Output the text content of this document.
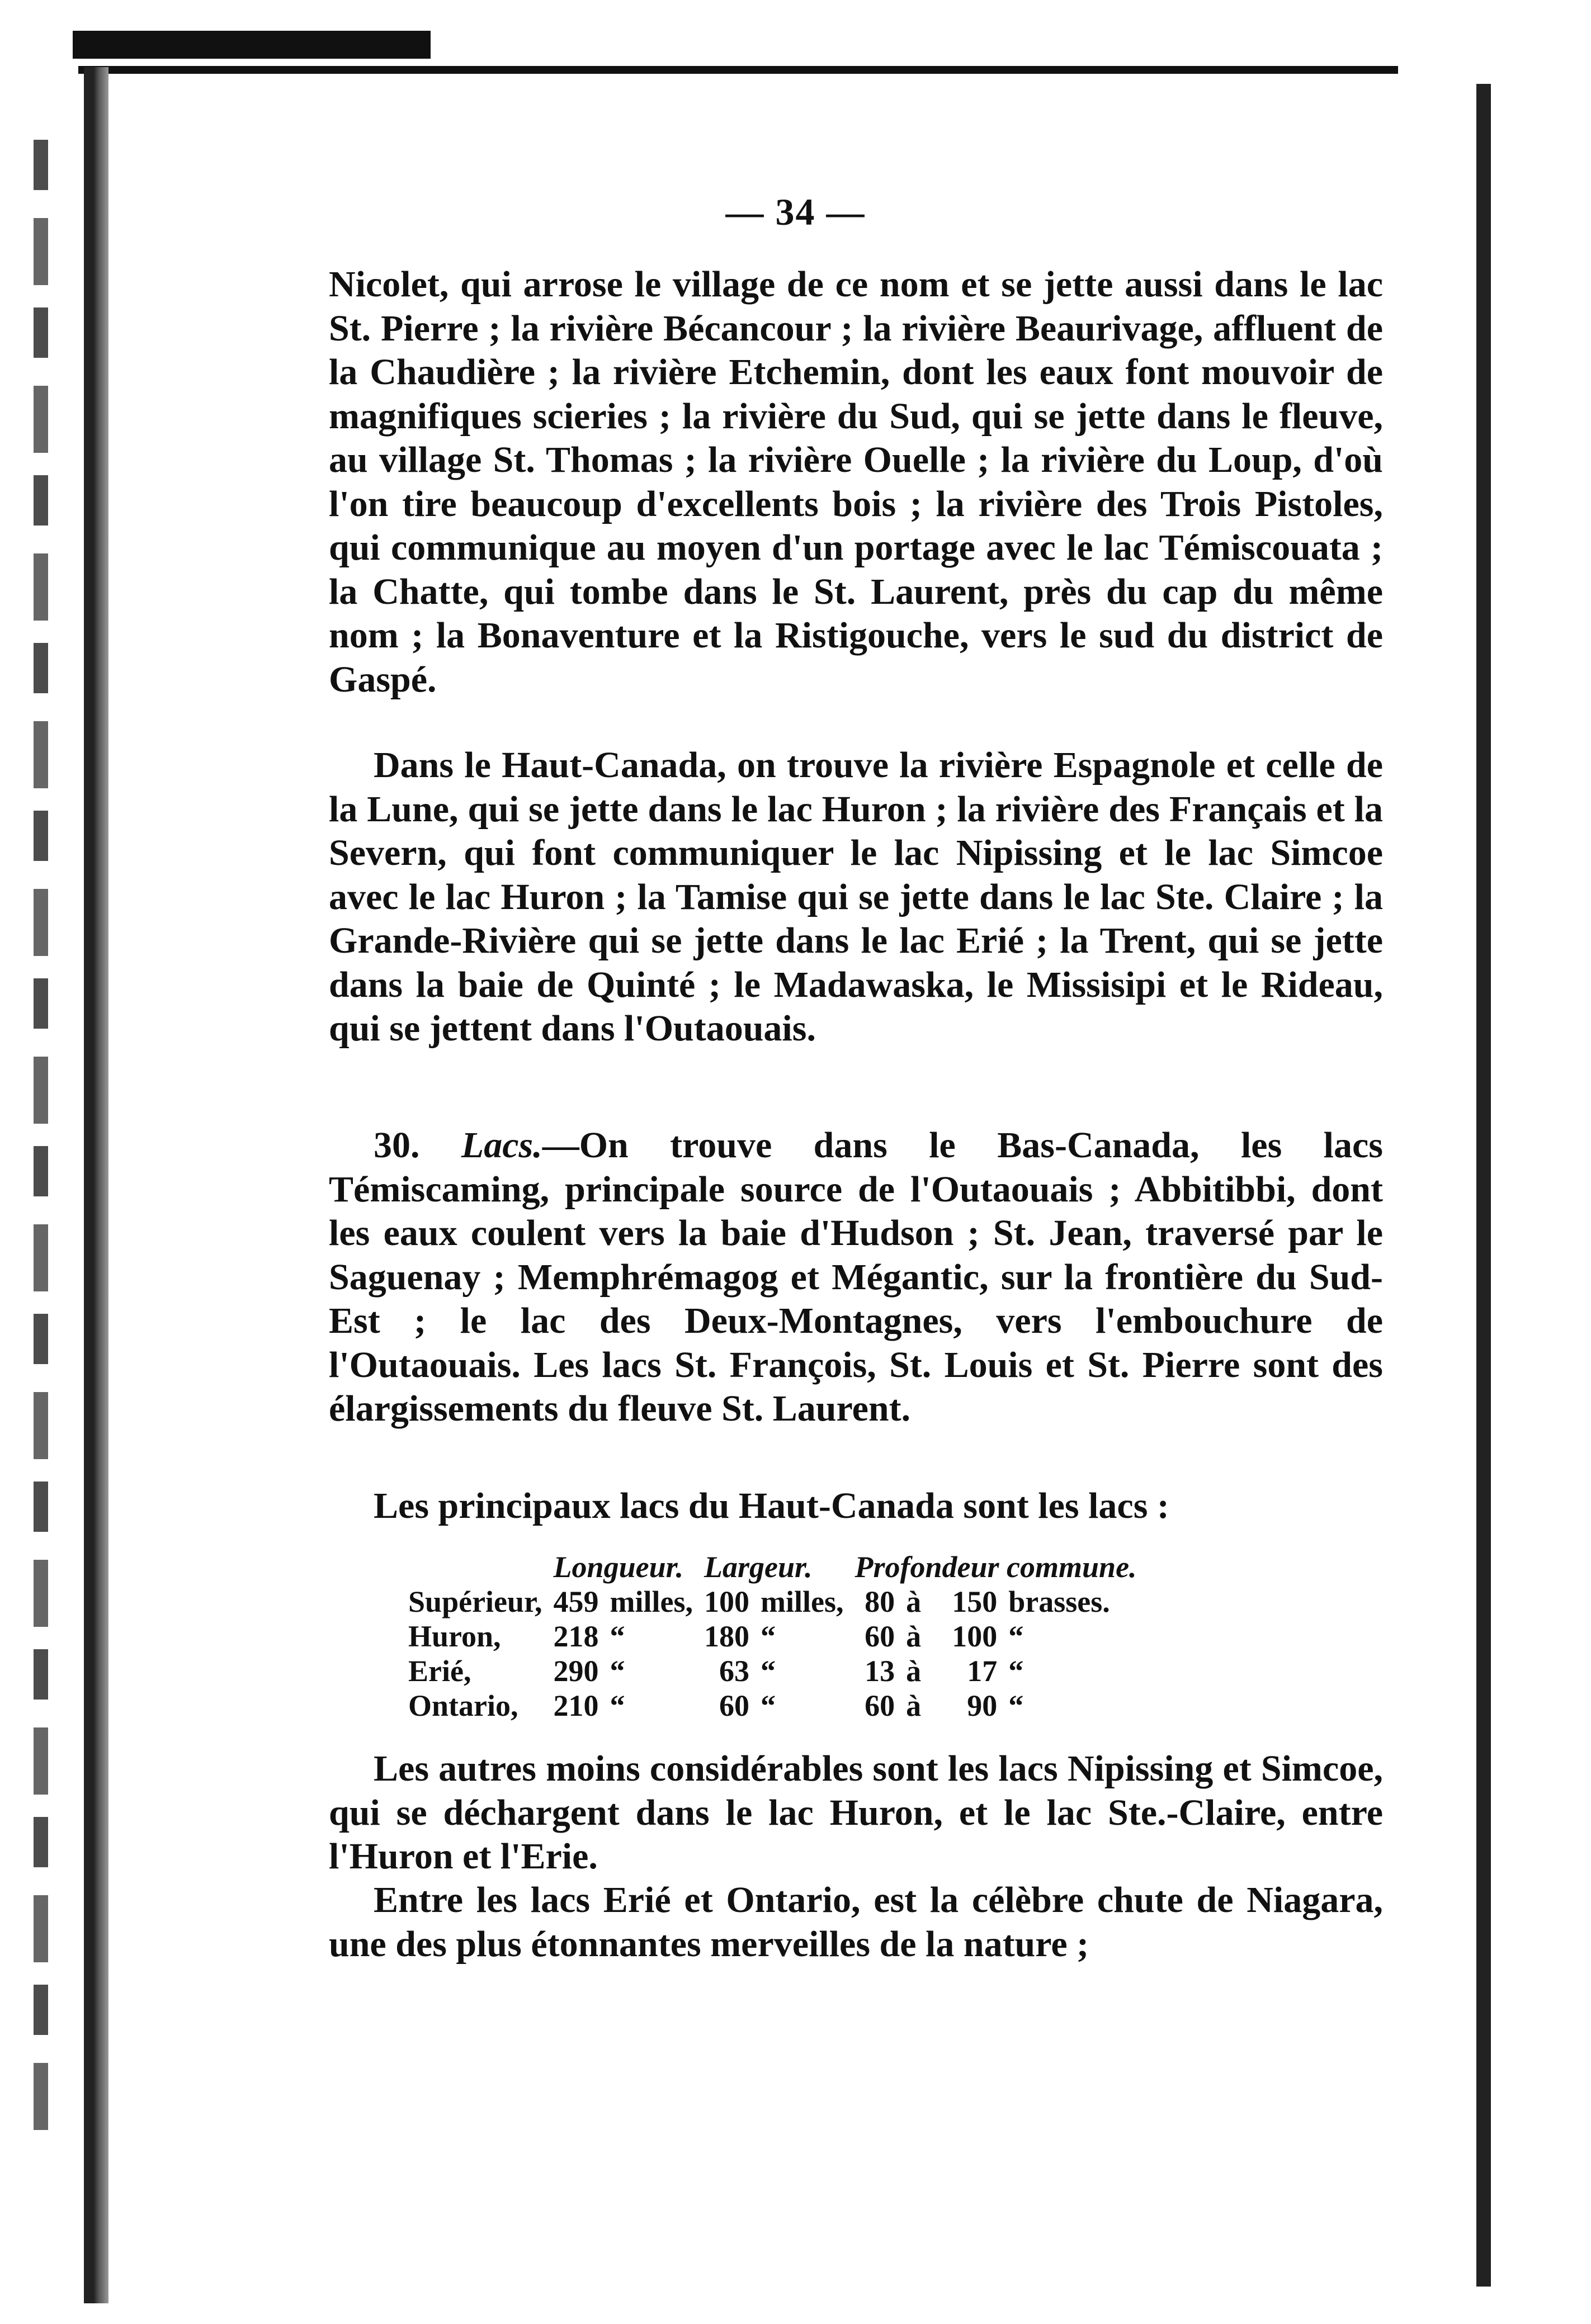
— 34 —

Nicolet, qui arrose le village de ce nom et se jette aussi dans le lac St. Pierre ; la rivière Bécancour ; la rivière Beaurivage, affluent de la Chaudière ; la rivière Etchemin, dont les eaux font mouvoir de magnifiques scieries ; la rivière du Sud, qui se jette dans le fleuve, au village St. Thomas ; la rivière Ouelle ; la rivière du Loup, d'où l'on tire beaucoup d'excellents bois ; la rivière des Trois Pistoles, qui communique au moyen d'un portage avec le lac Témiscouata ; la Chatte, qui tombe dans le St. Laurent, près du cap du même nom ; la Bonaventure et la Ristigouche, vers le sud du district de Gaspé.

Dans le Haut-Canada, on trouve la rivière Espagnole et celle de la Lune, qui se jette dans le lac Huron ; la rivière des Français et la Severn, qui font communiquer le lac Nipissing et le lac Simcoe avec le lac Huron ; la Tamise qui se jette dans le lac Ste. Claire ; la Grande-Rivière qui se jette dans le lac Erié ; la Trent, qui se jette dans la baie de Quinté ; le Madawaska, le Missisipi et le Rideau, qui se jettent dans l'Outaouais.

30. Lacs.—On trouve dans le Bas-Canada, les lacs Témiscaming, principale source de l'Outaouais ; Abbitibbi, dont les eaux coulent vers la baie d'Hudson ; St. Jean, traversé par le Saguenay ; Memphrémagog et Mégantic, sur la frontière du Sud-Est ; le lac des Deux-Montagnes, vers l'embouchure de l'Outaouais. Les lacs St. François, St. Louis et St. Pierre sont des élargissements du fleuve St. Laurent.

Les principaux lacs du Haut-Canada sont les lacs :

	Longueur.		Largeur.		Profondeur commune.			
Supérieur,	459	milles,	100	milles,	80	à	150	brasses.
Huron,	218	“	180	“	60	à	100	“
Erié,	290	“	63	“	13	à	17	“
Ontario,	210	“	60	“	60	à	90	“

Les autres moins considérables sont les lacs Nipissing et Simcoe, qui se déchargent dans le lac Huron, et le lac Ste.-Claire, entre l'Huron et l'Erie.

Entre les lacs Erié et Ontario, est la célèbre chute de Niagara, une des plus étonnantes merveilles de la nature ;
